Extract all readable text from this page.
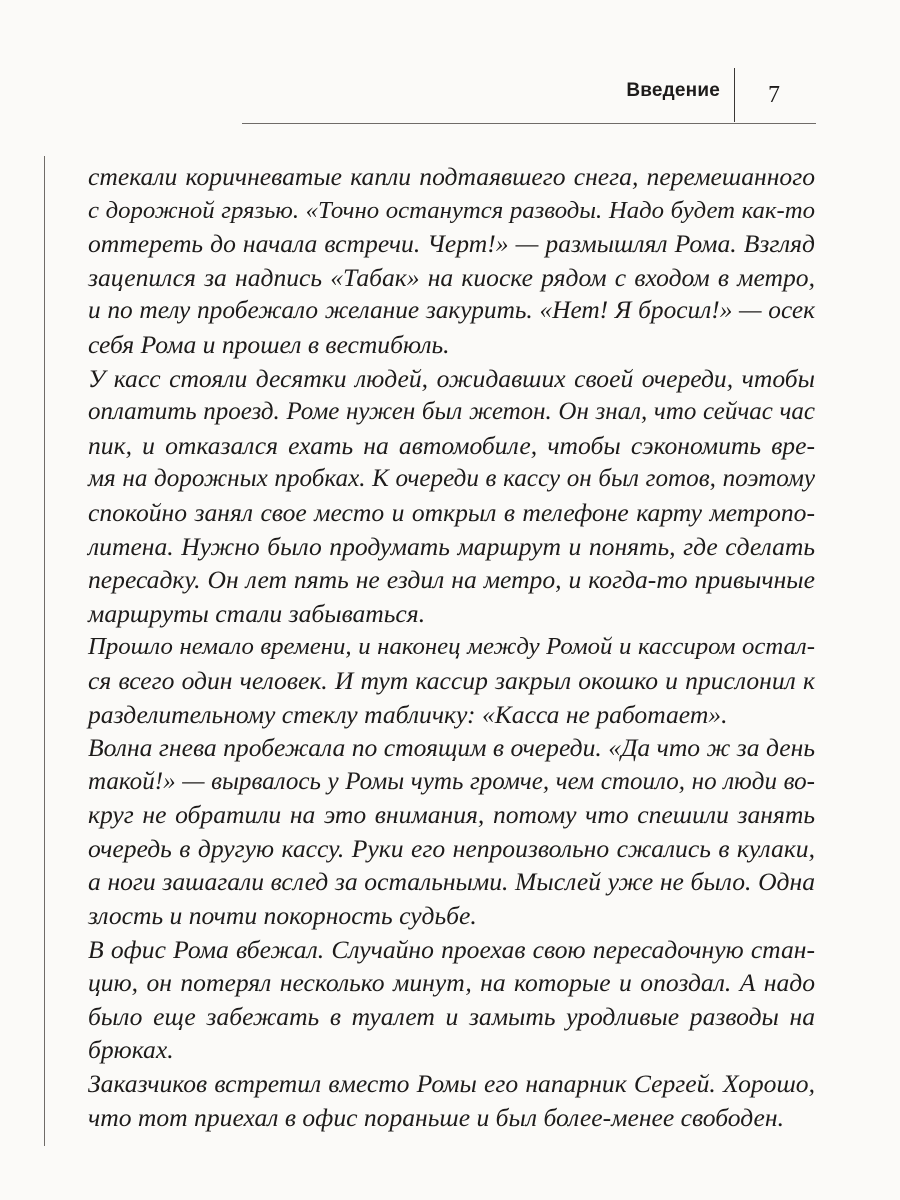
Введение 7
стекали коричневатые капли подтаявшего снега, перемешанного
с дорожной грязью. «Точно останутся разводы. Надо будет как-то
оттереть до начала встречи. Черт!» — размышлял Рома. Взгляд
зацепился за надпись «Табак» на киоске рядом с входом в метро,
и по телу пробежало желание закурить. «Нет! Я бросил!» — осек
себя Рома и прошел в вестибюль.
У касс стояли десятки людей, ожидавших своей очереди, чтобы
оплатить проезд. Роме нужен был жетон. Он знал, что сейчас час
пик, и отказался ехать на автомобиле, чтобы сэкономить вре-
мя на дорожных пробках. К очереди в кассу он был готов, поэтому
спокойно занял свое место и открыл в телефоне карту метропо-
литена. Нужно было продумать маршрут и понять, где сделать
пересадку. Он лет пять не ездил на метро, и когда-то привычные
маршруты стали забываться.
Прошло немало времени, и наконец между Ромой и кассиром остал-
ся всего один человек. И тут кассир закрыл окошко и прислонил к
разделительному стеклу табличку: «Касса не работает».
Волна гнева пробежала по стоящим в очереди. «Да что ж за день
такой!» — вырвалось у Ромы чуть громче, чем стоило, но люди во-
круг не обратили на это внимания, потому что спешили занять
очередь в другую кассу. Руки его непроизвольно сжались в кулаки,
а ноги зашагали вслед за остальными. Мыслей уже не было. Одна
злость и почти покорность судьбе.
В офис Рома вбежал. Случайно проехав свою пересадочную стан-
цию, он потерял несколько минут, на которые и опоздал. А надо
было еще забежать в туалет и замыть уродливые разводы на
брюках.
Заказчиков встретил вместо Ромы его напарник Сергей. Хорошо,
что тот приехал в офис пораньше и был более-менее свободен.
